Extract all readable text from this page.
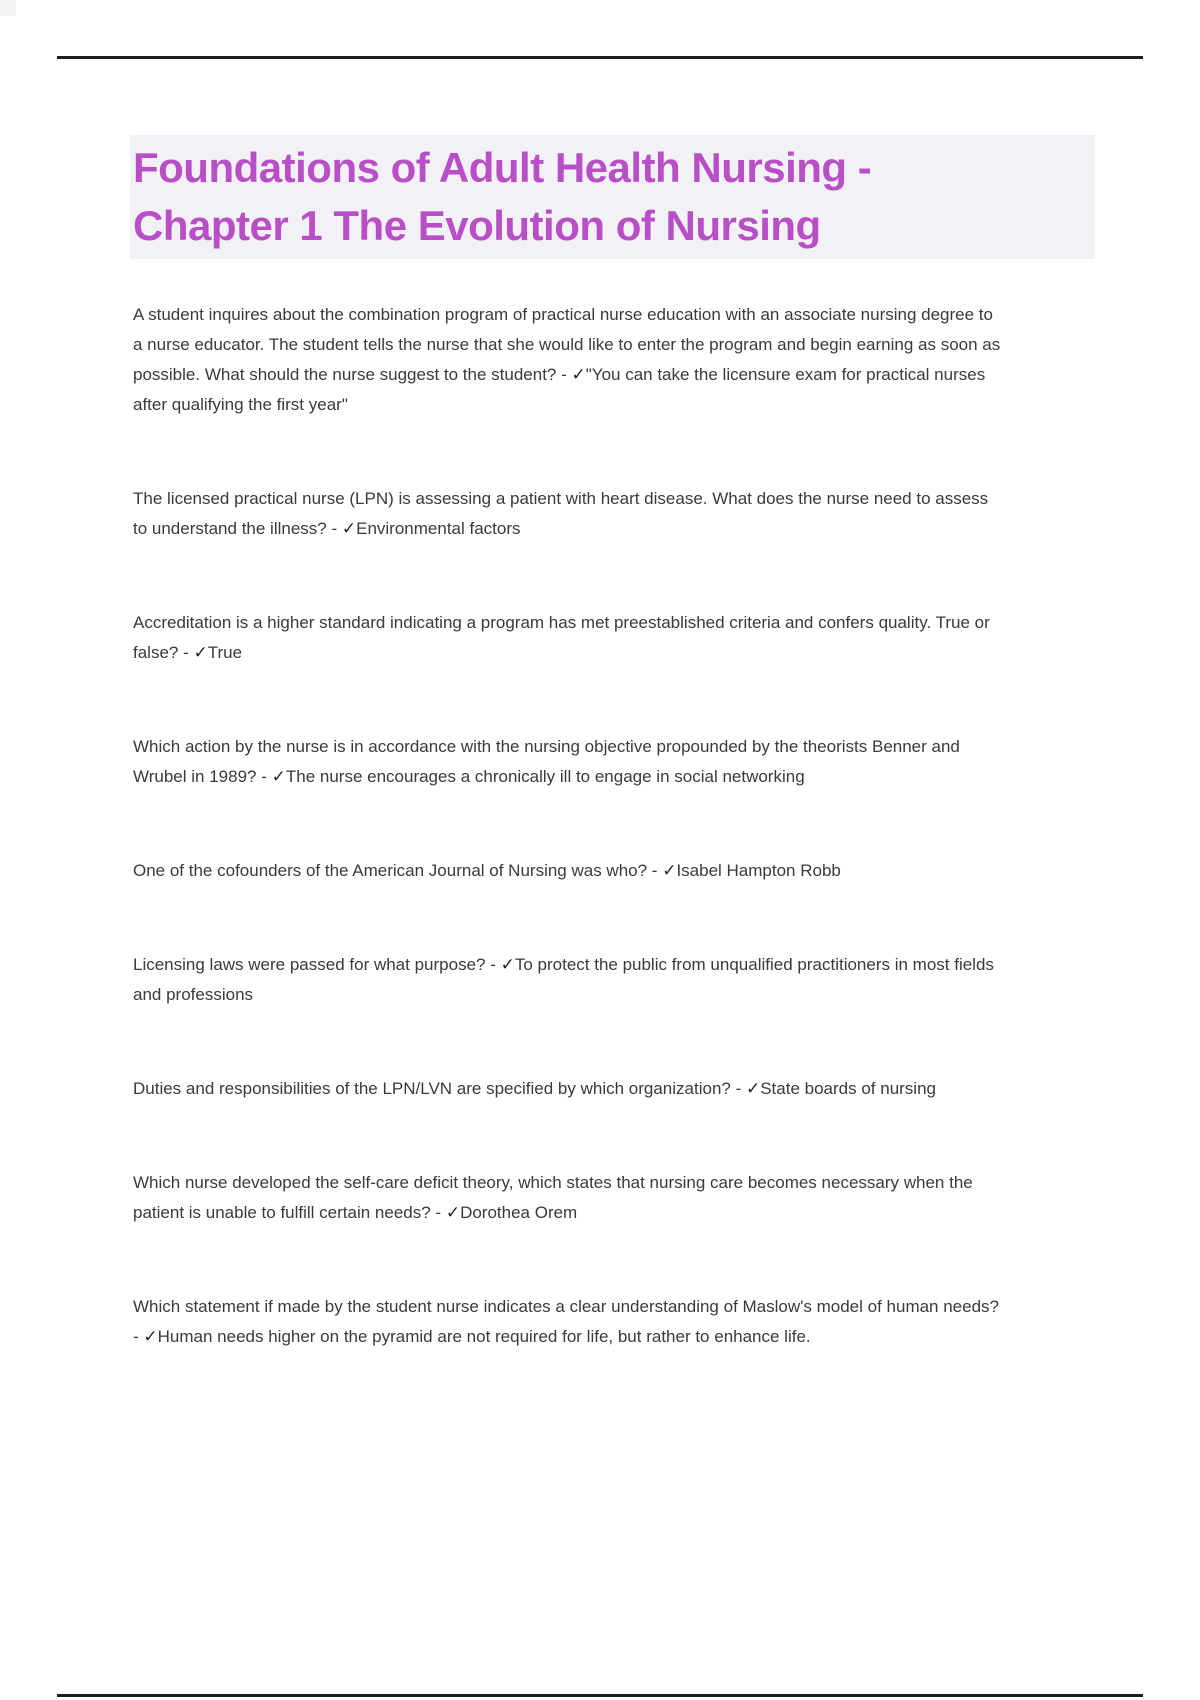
Foundations of Adult Health Nursing -
Chapter 1 The Evolution of Nursing

A student inquires about the combination program of practical nurse education with an associate nursing degree to a nurse educator. The student tells the nurse that she would like to enter the program and begin earning as soon as possible. What should the nurse suggest to the student? - ✓"You can take the licensure exam for practical nurses after qualifying the first year"

The licensed practical nurse (LPN) is assessing a patient with heart disease. What does the nurse need to assess to understand the illness? - ✓Environmental factors

Accreditation is a higher standard indicating a program has met preestablished criteria and confers quality. True or false? - ✓True

Which action by the nurse is in accordance with the nursing objective propounded by the theorists Benner and Wrubel in 1989? - ✓The nurse encourages a chronically ill to engage in social networking

One of the cofounders of the American Journal of Nursing was who? - ✓Isabel Hampton Robb

Licensing laws were passed for what purpose? - ✓To protect the public from unqualified practitioners in most fields and professions

Duties and responsibilities of the LPN/LVN are specified by which organization? - ✓State boards of nursing

Which nurse developed the self-care deficit theory, which states that nursing care becomes necessary when the patient is unable to fulfill certain needs? - ✓Dorothea Orem

Which statement if made by the student nurse indicates a clear understanding of Maslow's model of human needs? - ✓Human needs higher on the pyramid are not required for life, but rather to enhance life.
